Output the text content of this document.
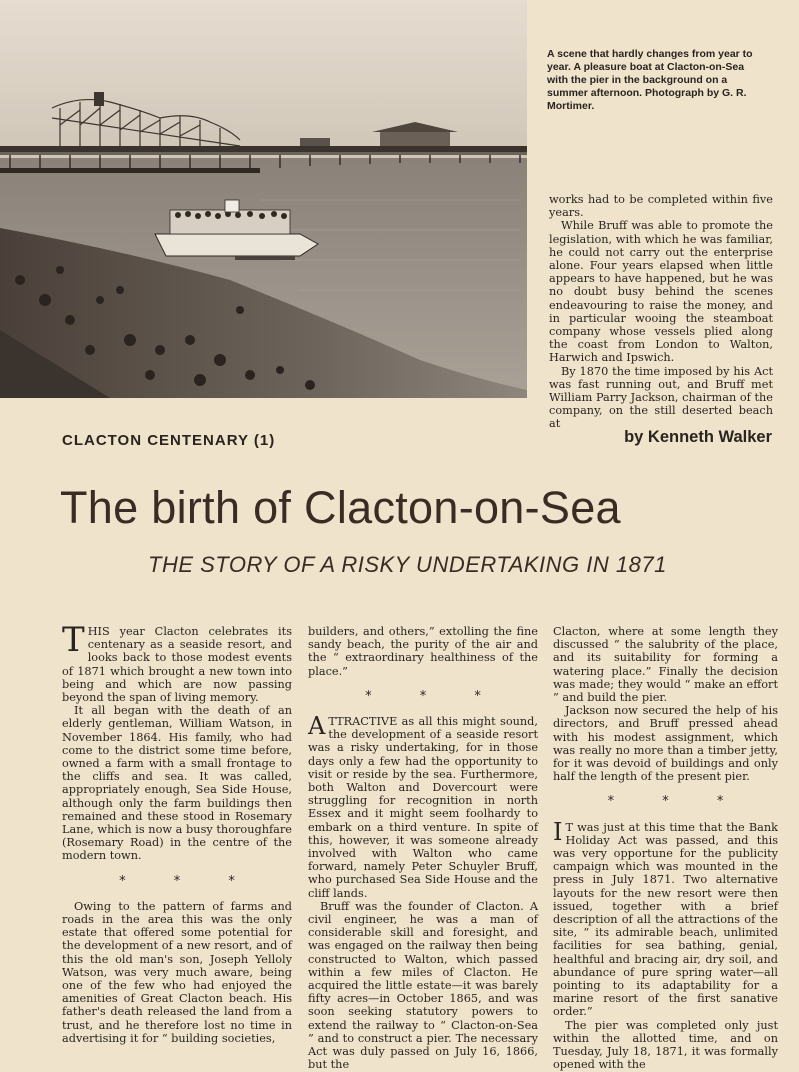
A scene that hardly changes from year to year. A pleasure boat at Clacton-on-Sea with the pier in the background on a summer afternoon. Photograph by G. R. Mortimer.

works had to be completed within five years.

While Bruff was able to promote the legislation, with which he was familiar, he could not carry out the enterprise alone. Four years elapsed when little appears to have happened, but he was no doubt busy behind the scenes endeavouring to raise the money, and in particular wooing the steamboat company whose vessels plied along the coast from London to Walton, Harwich and Ipswich.

By 1870 the time imposed by his Act was fast running out, and Bruff met William Parry Jackson, chairman of the company, on the still deserted beach at

CLACTON CENTENARY (1)	by Kenneth Walker
The birth of Clacton-on-Sea
THE STORY OF A RISKY UNDERTAKING IN 1871

THIS year Clacton celebrates its centenary as a seaside resort, and looks back to those modest events of 1871 which brought a new town into being and which are now passing beyond the span of living memory.

It all began with the death of an elderly gentleman, William Watson, in November 1864. His family, who had come to the district some time before, owned a farm with a small frontage to the cliffs and sea. It was called, appropriately enough, Sea Side House, although only the farm buildings then remained and these stood in Rosemary Lane, which is now a busy thoroughfare (Rosemary Road) in the centre of the modern town.

* * *

Owing to the pattern of farms and roads in the area this was the only estate that offered some potential for the development of a new resort, and of this the old man's son, Joseph Yelloly Watson, was very much aware, being one of the few who had enjoyed the amenities of Great Clacton beach. His father's death released the land from a trust, and he therefore lost no time in advertising it for “ building societies,

builders, and others,” extolling the fine sandy beach, the purity of the air and the “ extraordinary healthiness of the place.”

* * *

ATTRACTIVE as all this might sound, the development of a seaside resort was a risky undertaking, for in those days only a few had the opportunity to visit or reside by the sea. Furthermore, both Walton and Dovercourt were struggling for recognition in north Essex and it might seem foolhardy to embark on a third venture. In spite of this, however, it was someone already involved with Walton who came forward, namely Peter Schuyler Bruff, who purchased Sea Side House and the cliff lands.

Bruff was the founder of Clacton. A civil engineer, he was a man of considerable skill and foresight, and was engaged on the railway then being constructed to Walton, which passed within a few miles of Clacton. He acquired the little estate—it was barely fifty acres—in October 1865, and was soon seeking statutory powers to extend the railway to “ Clacton-on-Sea ” and to construct a pier. The necessary Act was duly passed on July 16, 1866, but the

Clacton, where at some length they discussed “ the salubrity of the place, and its suitability for forming a watering place.” Finally the decision was made; they would “ make an effort ” and build the pier.

Jackson now secured the help of his directors, and Bruff pressed ahead with his modest assignment, which was really no more than a timber jetty, for it was devoid of buildings and only half the length of the present pier.

* * *

I T was just at this time that the Bank Holiday Act was passed, and this was very opportune for the publicity campaign which was mounted in the press in July 1871. Two alternative layouts for the new resort were then issued, together with a brief description of all the attractions of the site, “ its admirable beach, unlimited facilities for sea bathing, genial, healthful and bracing air, dry soil, and abundance of pure spring water—all pointing to its adaptability for a marine resort of the first sanative order.”

The pier was completed only just within the allotted time, and on Tuesday, July 18, 1871, it was formally opened with the
